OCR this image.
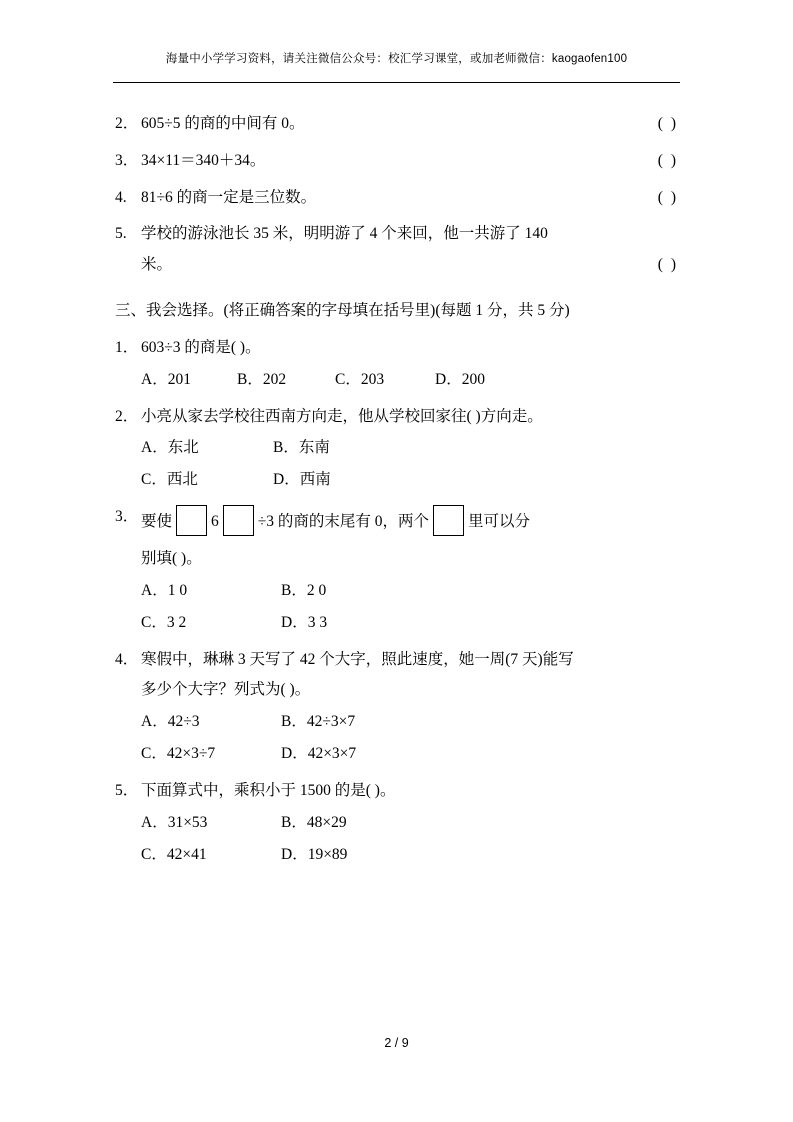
海量中小学学习资料，请关注微信公众号：校汇学习课堂，或加老师微信：kaogaofen100
2． 605÷5 的商的中间有 0。	( )
3． 34×11＝340＋34。	( )
4. 81÷6 的商一定是三位数。	( )
5. 学校的游泳池长 35 米，明明游了 4 个来回，他一共游了 140
米。	( )
三、我会选择。(将正确答案的字母填在括号里)(每题 1 分，共 5 分)
1． 603÷3 的商是( )。
A．201	B．202	C．203	D．200
2． 小亮从家去学校往西南方向走，他从学校回家往( )方向走。
A．东北	B．东南
C．西北	D．西南
3． 要使	6	÷3 的商的末尾有 0，两个	里可以分
别填( )。
A．1 0	B．2 0
C．3 2	D．3 3
4． 寒假中，琳琳 3 天写了 42 个大字，照此速度，她一周(7 天)能写
多少个大字？列式为( )。
A．42÷3	B．42÷3×7
C．42×3÷7	D．42×3×7
5． 下面算式中，乘积小于 1500 的是( )。
A．31×53	B．48×29
C．42×41	D．19×89
2 / 9
